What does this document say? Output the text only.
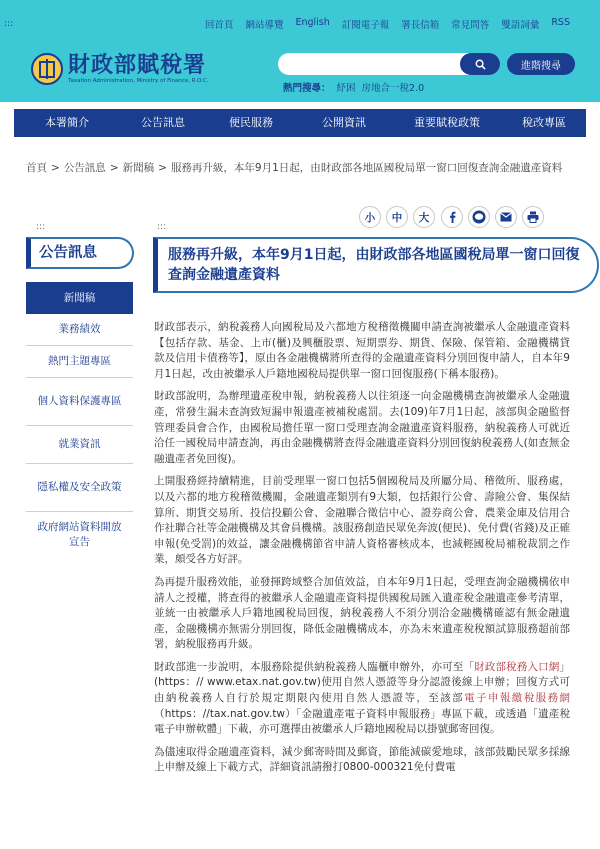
:::	回首頁 網站導覽 English 訂閱電子報 署長信箱 常見問答 雙語詞彙 RSS
財政部賦稅署
Taxation Administration, Ministry of Finance, R.O.C.
進階搜尋
熱門搜尋： 紓困 房地合一稅2.0
本署簡介	公告訊息	便民服務	公開資訊	重要賦稅政策	稅改專區
首頁 > 公告訊息 > 新聞稿 > 服務再升級，本年9月1日起，由財政部各地區國稅局單一窗口回復查詢金融遺產資料
:::	:::
小	中	大
公告訊息
新聞稿
業務績效
熱門主題專區
個人資料保護專區
就業資訊
隱私權及安全政策
政府網站資料開放宣告
服務再升級，本年9月1日起，由財政部各地區國稅局單一窗口回復查詢金融遺產資料

財政部表示，納稅義務人向國稅局及六都地方稅稽徵機關申請查詢被繼承人金融遺產資料【包括存款、基金、上市(櫃)及興櫃股票、短期票券、期貨、保險、保管箱、金融機構貸款及信用卡債務等】，原由各金融機構將所查得的金融遺產資料分別回復申請人，自本年9月1日起，改由被繼承人戶籍地國稅局提供單一窗口回復服務(下稱本服務)。

財政部說明，為辦理遺產稅申報，納稅義務人以往須逐一向金融機構查詢被繼承人金融遺產，常發生漏未查詢致短漏申報遺產被補稅處罰。去(109)年7月1日起，該部與金融監督管理委員會合作，由國稅局擔任單一窗口受理查詢金融遺產資料服務，納稅義務人可就近洽任一國稅局申請查詢，再由金融機構將查得金融遺產資料分別回復納稅義務人(如查無金融遺產者免回復)。

上開服務經持續精進，目前受理單一窗口包括5個國稅局及所屬分局、稽徵所、服務處，以及六都的地方稅稽徵機關，金融遺產類別有9大類，包括銀行公會、壽險公會、集保結算所、期貨交易所、投信投顧公會、金融聯合徵信中心、證券商公會、農業金庫及信用合作社聯合社等金融機構及其會員機構。該服務創造民眾免奔波(便民)、免付費(省錢)及正確申報(免受罰)的效益，讓金融機構節省申請人資格審核成本，也減輕國稅局補稅裁罰之作業，頗受各方好評。

為再提升服務效能，並發揮跨域整合加值效益，自本年9月1日起，受理查詢金融機構依申請人之授權，將查得的被繼承人金融遺產資料提供國稅局匯入遺產稅金融遺產參考清單，並統一由被繼承人戶籍地國稅局回復，納稅義務人不須分別洽金融機構確認有無金融遺產，金融機構亦無需分別回復，降低金融機構成本，亦為未來遺產稅稅額試算服務超前部署，納稅服務再升級。

財政部進一步說明，本服務除提供納稅義務人臨櫃申辦外，亦可至「財政部稅務入口網」(https：// www.etax.nat.gov.tw)使用自然人憑證等身分認證後線上申辦；回復方式可由納稅義務人自行於規定期限內使用自然人憑證等，至該部電子申報繳稅服務網（https：//tax.nat.gov.tw）「金融遺產電子資料申報服務」專區下載，或透過「遺產稅電子申辦軟體」下載，亦可選擇由被繼承人戶籍地國稅局以掛號郵寄回復。

為儘速取得金融遺產資料，減少郵寄時間及郵資，節能減碳愛地球，該部鼓勵民眾多採線上申辦及線上下載方式，詳細資訊請撥打0800-000321免付費電
